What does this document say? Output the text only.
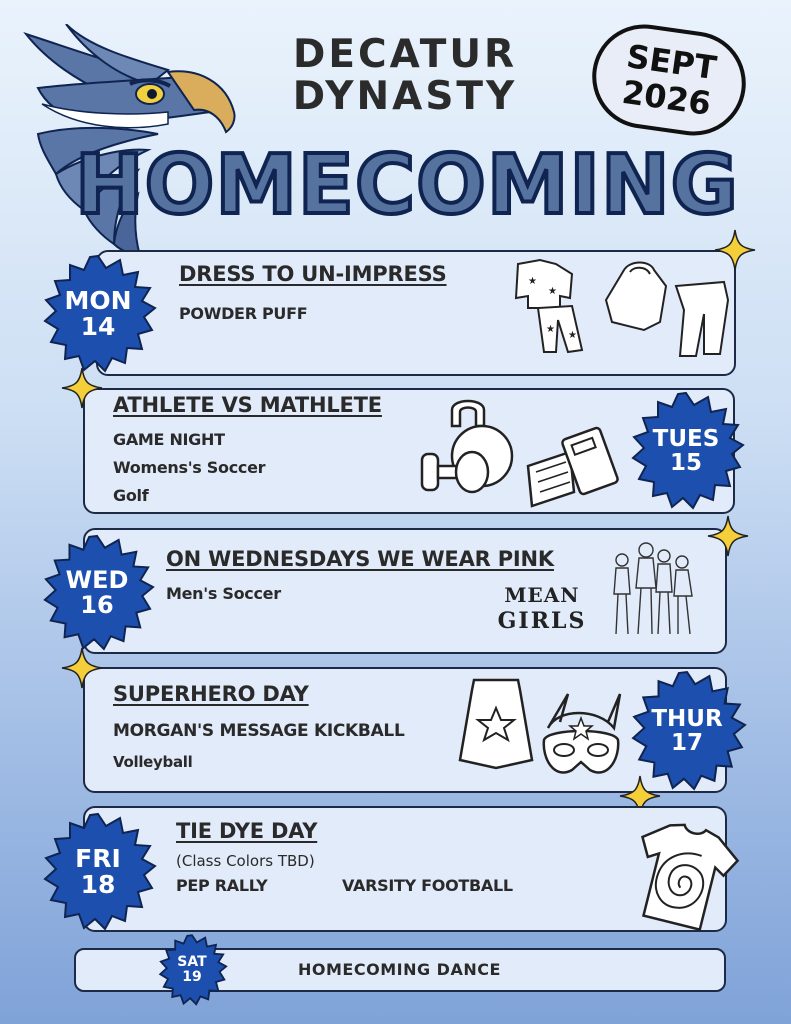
DECATUR
DYNASTY
SEPT
2026
HOMECOMING
DRESS TO UN-IMPRESS
POWDER PUFF
★
★
★
★
MON
14
ATHLETE VS MATHLETE
GAME NIGHT
Womens's Soccer
Golf
TUES
15
ON WEDNESDAYS WE WEAR PINK
Men's Soccer	MEAN
GIRLS
WED
16
SUPERHERO DAY
MORGAN'S MESSAGE KICKBALL
Volleyball
THUR
17
TIE DYE DAY
(Class Colors TBD)
PEP RALLY	VARSITY FOOTBALL
FRI
18
HOMECOMING DANCE
SAT
19
